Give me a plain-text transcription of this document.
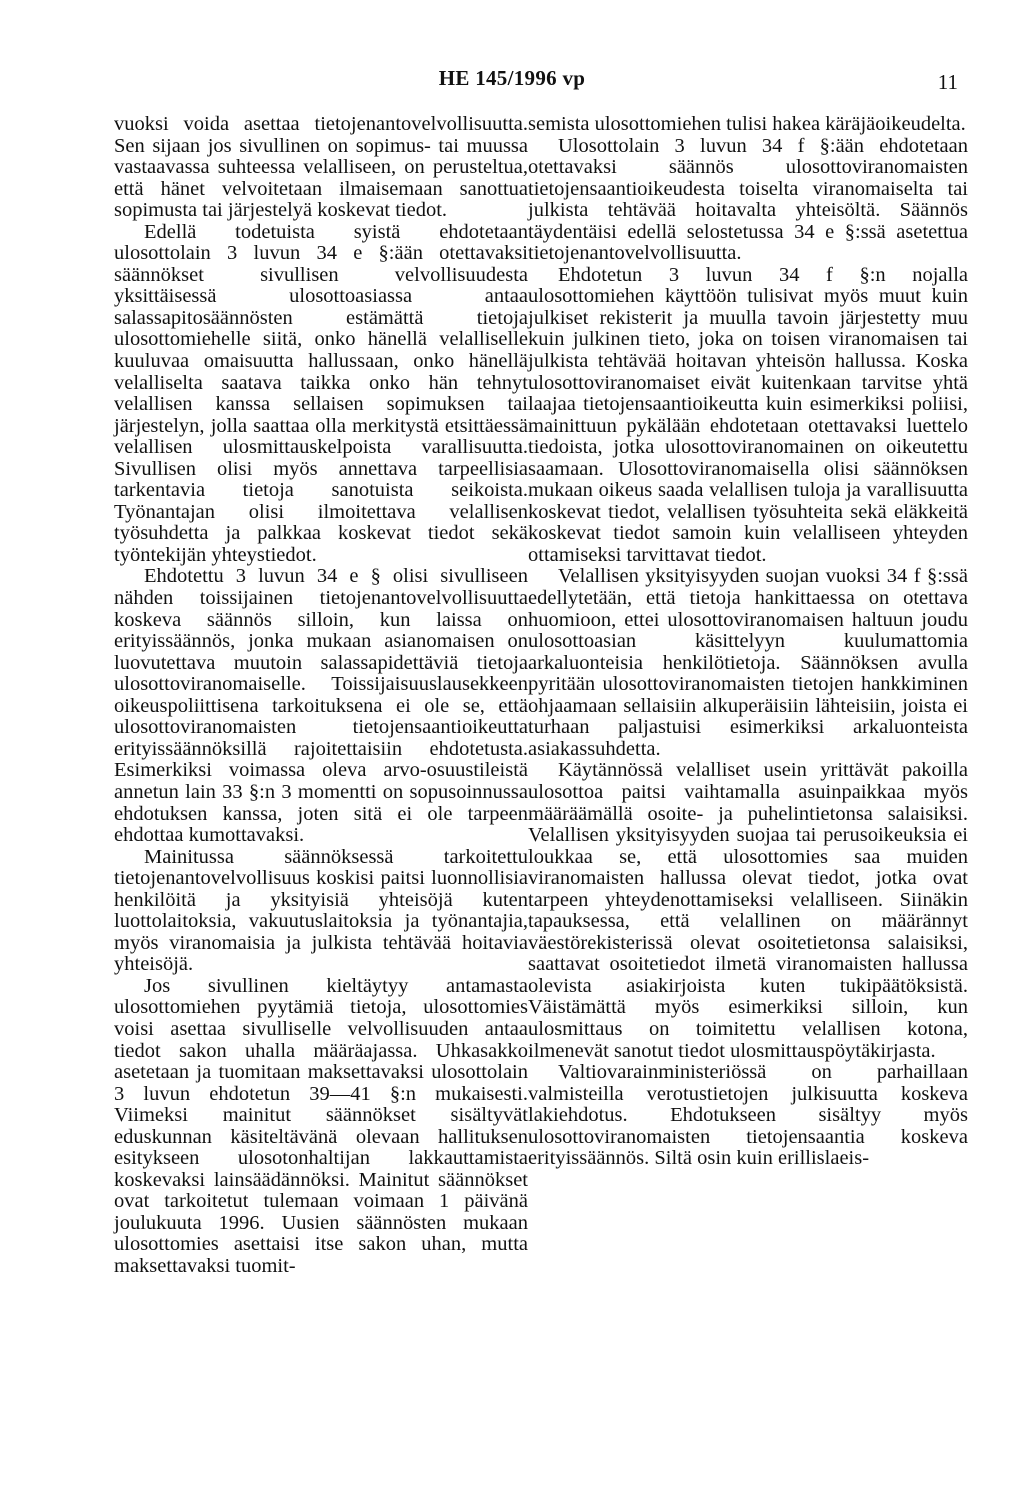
HE 145/1996 vp	11

vuoksi voida asettaa tietojenantovelvollisuutta. Sen sijaan jos sivullinen on sopimus- tai muussa vastaavassa suhteessa velalliseen, on perusteltua, että hänet velvoitetaan ilmaisemaan sanottua sopimusta tai järjestelyä koskevat tiedot.

Edellä todetuista syistä ehdotetaan ulosottolain 3 luvun 34 e §:ään otettavaksi säännökset sivullisen velvollisuudesta yksittäisessä ulosottoasiassa antaa salassapitosäännösten estämättä tietoja ulosottomiehelle siitä, onko hänellä velalliselle kuuluvaa omaisuutta hallussaan, onko hänellä velalliselta saatava taikka onko hän tehnyt velallisen kanssa sellaisen sopimuksen tai järjestelyn, jolla saattaa olla merkitystä etsittäessä velallisen ulosmittauskelpoista varallisuutta. Sivullisen olisi myös annettava tarpeellisia tarkentavia tietoja sanotuista seikoista. Työnantajan olisi ilmoitettava velallisen työsuhdetta ja palkkaa koskevat tiedot sekä työntekijän yhteystiedot.

Ehdotettu 3 luvun 34 e § olisi sivulliseen nähden toissijainen tietojenantovelvollisuutta koskeva säännös silloin, kun laissa on erityissäännös, jonka mukaan asianomaisen on luovutettava muutoin salassapidettäviä tietoja ulosottoviranomaiselle. Toissijaisuuslausekkeen oikeuspoliittisena tarkoituksena ei ole se, että ulosottoviranomaisten tietojensaantioikeutta erityissäännöksillä rajoitettaisiin ehdotetusta. Esimerkiksi voimassa oleva arvo-osuustileistä annetun lain 33 §:n 3 momentti on sopusoinnussa ehdotuksen kanssa, joten sitä ei ole tarpeen ehdottaa kumottavaksi.

Mainitussa säännöksessä tarkoitettu tietojenantovelvollisuus koskisi paitsi luonnollisia henkilöitä ja yksityisiä yhteisöjä kuten luottolaitoksia, vakuutuslaitoksia ja työnantajia, myös viranomaisia ja julkista tehtävää hoitavia yhteisöjä.

Jos sivullinen kieltäytyy antamasta ulosottomiehen pyytämiä tietoja, ulosottomies voisi asettaa sivulliselle velvollisuuden antaa tiedot sakon uhalla määräajassa. Uhkasakko asetetaan ja tuomitaan maksettavaksi ulosottolain 3 luvun ehdotetun 39—41 §:n mukaisesti. Viimeksi mainitut säännökset sisältyvät eduskunnan käsiteltävänä olevaan hallituksen esitykseen ulosotonhaltijan lakkauttamista koskevaksi lainsäädännöksi. Mainitut säännökset ovat tarkoitetut tulemaan voimaan 1 päivänä joulukuuta 1996. Uusien säännösten mukaan ulosottomies asettaisi itse sakon uhan, mutta maksettavaksi tuomit-

semista ulosottomiehen tulisi hakea käräjäoikeudelta.

Ulosottolain 3 luvun 34 f §:ään ehdotetaan otettavaksi säännös ulosottoviranomaisten tietojensaantioikeudesta toiselta viranomaiselta tai julkista tehtävää hoitavalta yhteisöltä. Säännös täydentäisi edellä selostetussa 34 e §:ssä asetettua tietojenantovelvollisuutta.

Ehdotetun 3 luvun 34 f §:n nojalla ulosottomiehen käyttöön tulisivat myös muut kuin julkiset rekisterit ja muulla tavoin järjestetty muu kuin julkinen tieto, joka on toisen viranomaisen tai julkista tehtävää hoitavan yhteisön hallussa. Koska ulosottoviranomaiset eivät kuitenkaan tarvitse yhtä laajaa tietojensaantioikeutta kuin esimerkiksi poliisi, mainittuun pykälään ehdotetaan otettavaksi luettelo tiedoista, jotka ulosottoviranomainen on oikeutettu saamaan. Ulosottoviranomaisella olisi säännöksen mukaan oikeus saada velallisen tuloja ja varallisuutta koskevat tiedot, velallisen työsuhteita sekä eläkkeitä koskevat tiedot samoin kuin velalliseen yhteyden ottamiseksi tarvittavat tiedot.

Velallisen yksityisyyden suojan vuoksi 34 f §:ssä edellytetään, että tietoja hankittaessa on otettava huomioon, ettei ulosottoviranomaisen haltuun joudu ulosottoasian käsittelyyn kuulumattomia arkaluonteisia henkilötietoja. Säännöksen avulla pyritään ulosottoviranomaisten tietojen hankkiminen ohjaamaan sellaisiin alkuperäisiin lähteisiin, joista ei turhaan paljastuisi esimerkiksi arkaluonteista asiakassuhdetta.

Käytännössä velalliset usein yrittävät pakoilla ulosottoa paitsi vaihtamalla asuinpaikkaa myös määräämällä osoite- ja puhelintietonsa salaisiksi. Velallisen yksityisyyden suojaa tai perusoikeuksia ei loukkaa se, että ulosottomies saa muiden viranomaisten hallussa olevat tiedot, jotka ovat tarpeen yhteydenottamiseksi velalliseen. Siinäkin tapauksessa, että velallinen on määrännyt väestörekisterissä olevat osoitetietonsa salaisiksi, saattavat osoitetiedot ilmetä viranomaisten hallussa olevista asiakirjoista kuten tukipäätöksistä. Väistämättä myös esimerkiksi silloin, kun ulosmittaus on toimitettu velallisen kotona, ilmenevät sanotut tiedot ulosmittauspöytäkirjasta.

Valtiovarainministeriössä on parhaillaan valmisteilla verotustietojen julkisuutta koskeva lakiehdotus. Ehdotukseen sisältyy myös ulosottoviranomaisten tietojensaantia koskeva erityissäännös. Siltä osin kuin erillislaeis-
